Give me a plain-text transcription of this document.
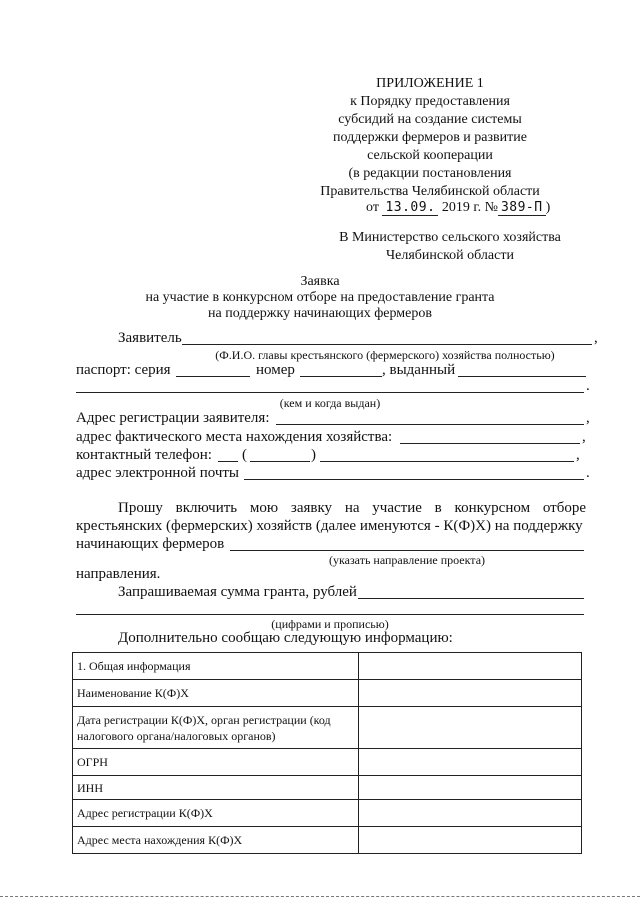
ПРИЛОЖЕНИЕ 1
к Порядку предоставления
субсидий на создание системы
поддержки фермеров и развитие
сельской кооперации
(в редакции постановления
Правительства Челябинской области
от 13.09. 2019 г. № 389-П )
В Министерство сельского хозяйства
Челябинской области
Заявка
на участие в конкурсном отборе на предоставление гранта
на поддержку начинающих фермеров
Заявитель	,
(Ф.И.О. главы крестьянского (фермерского) хозяйства полностью)
паспорт: серия	номер	, выданный
.
(кем и когда выдан)
Адрес регистрации заявителя:	,
адрес фактического места нахождения хозяйства:	,
контактный телефон: (	)	,
адрес электронной почты	.
Прошу включить мою заявку на участие в конкурсном отборе
крестьянских (фермерских) хозяйств (далее именуются - К(Ф)Х) на поддержку
начинающих фермеров
(указать направление проекта)
направления.
Запрашиваемая сумма гранта, рублей
(цифрами и прописью)
Дополнительно сообщаю следующую информацию:
1. Общая информация	
Наименование К(Ф)Х	
Дата регистрации К(Ф)Х, орган регистрации (код налогового органа/налоговых органов)	
ОГРН	
ИНН	
Адрес регистрации К(Ф)Х	
Адрес места нахождения К(Ф)Х	
